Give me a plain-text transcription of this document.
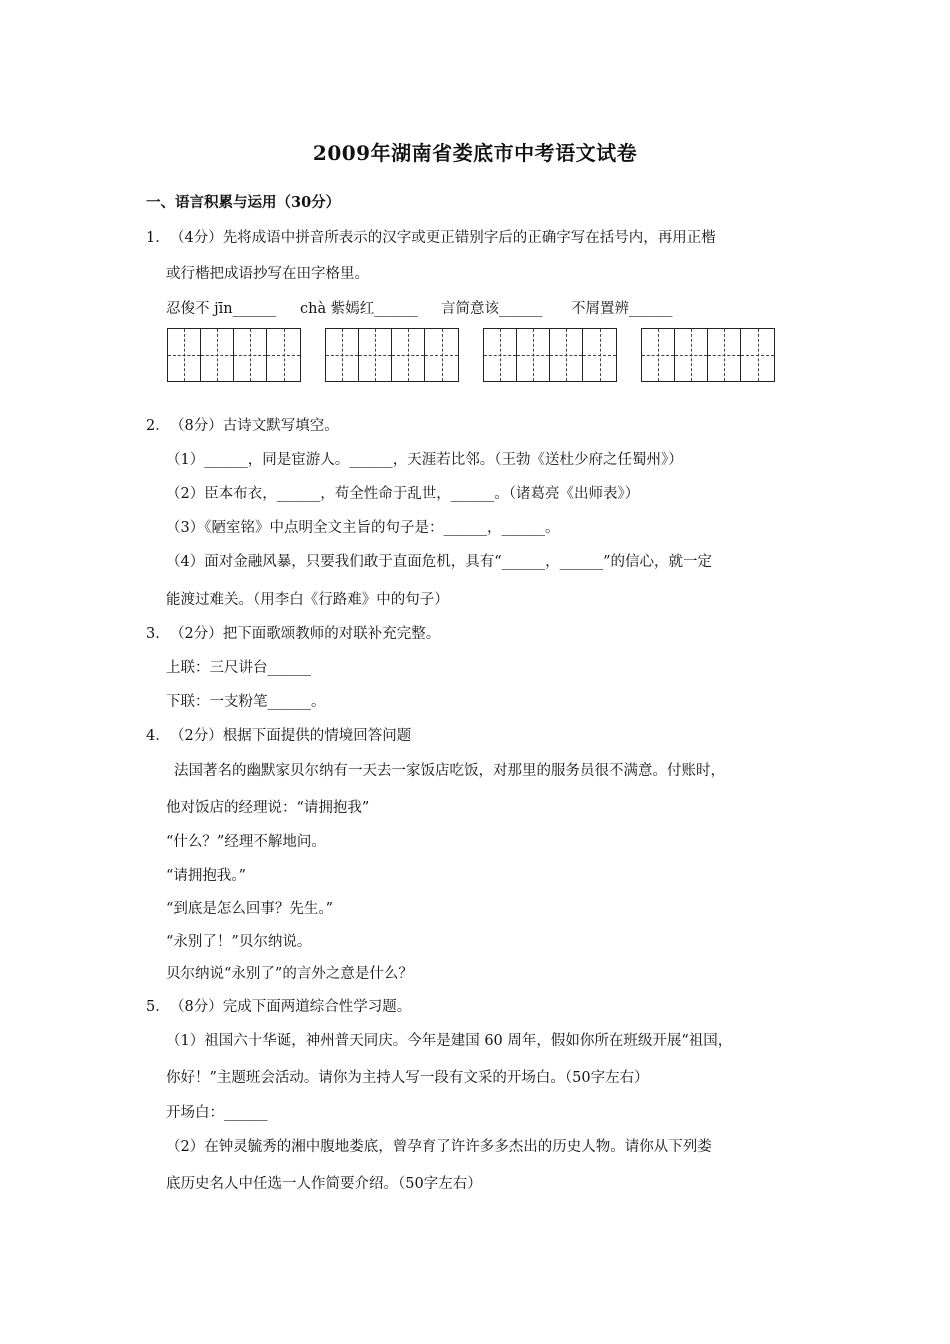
2009年湖南省娄底市中考语文试卷
一、语言积累与运用（30分）
1． （4分）先将成语中拼音所表示的汉字或更正错别字后的正确字写在括号内，再用正楷
或行楷把成语抄写在田字格里。
忍俊不 jīn______ chà 紫嫣红______ 言简意该______ 不屑置辨______
2． （8分）古诗文默写填空。
（1）______，同是宦游人。______，天涯若比邻。（王勃《送杜少府之任蜀州》）
（2）臣本布衣，______，苟全性命于乱世，______。（诸葛亮《出师表》）
（3）《陋室铭》中点明全文主旨的句子是：______，______。
（4）面对金融风暴，只要我们敢于直面危机，具有“______，______”的信心，就一定
能渡过难关。（用李白《行路难》中的句子）
3． （2分）把下面歌颂教师的对联补充完整。
上联：三尺讲台______
下联：一支粉笔______。
4． （2分）根据下面提供的情境回答问题
法国著名的幽默家贝尔纳有一天去一家饭店吃饭，对那里的服务员很不满意。付账时，
他对饭店的经理说：“请拥抱我”
“什么？”经理不解地问。
“请拥抱我。”
“到底是怎么回事？先生。”
“永别了！”贝尔纳说。
贝尔纳说“永别了”的言外之意是什么？
5． （8分）完成下面两道综合性学习题。
（1）祖国六十华诞，神州普天同庆。今年是建国 60 周年，假如你所在班级开展“祖国，
你好！”主题班会活动。请你为主持人写一段有文采的开场白。（50字左右）
开场白：______
（2）在钟灵毓秀的湘中腹地娄底，曾孕育了许许多多杰出的历史人物。请你从下列娄
底历史名人中任选一人作简要介绍。（50字左右）
